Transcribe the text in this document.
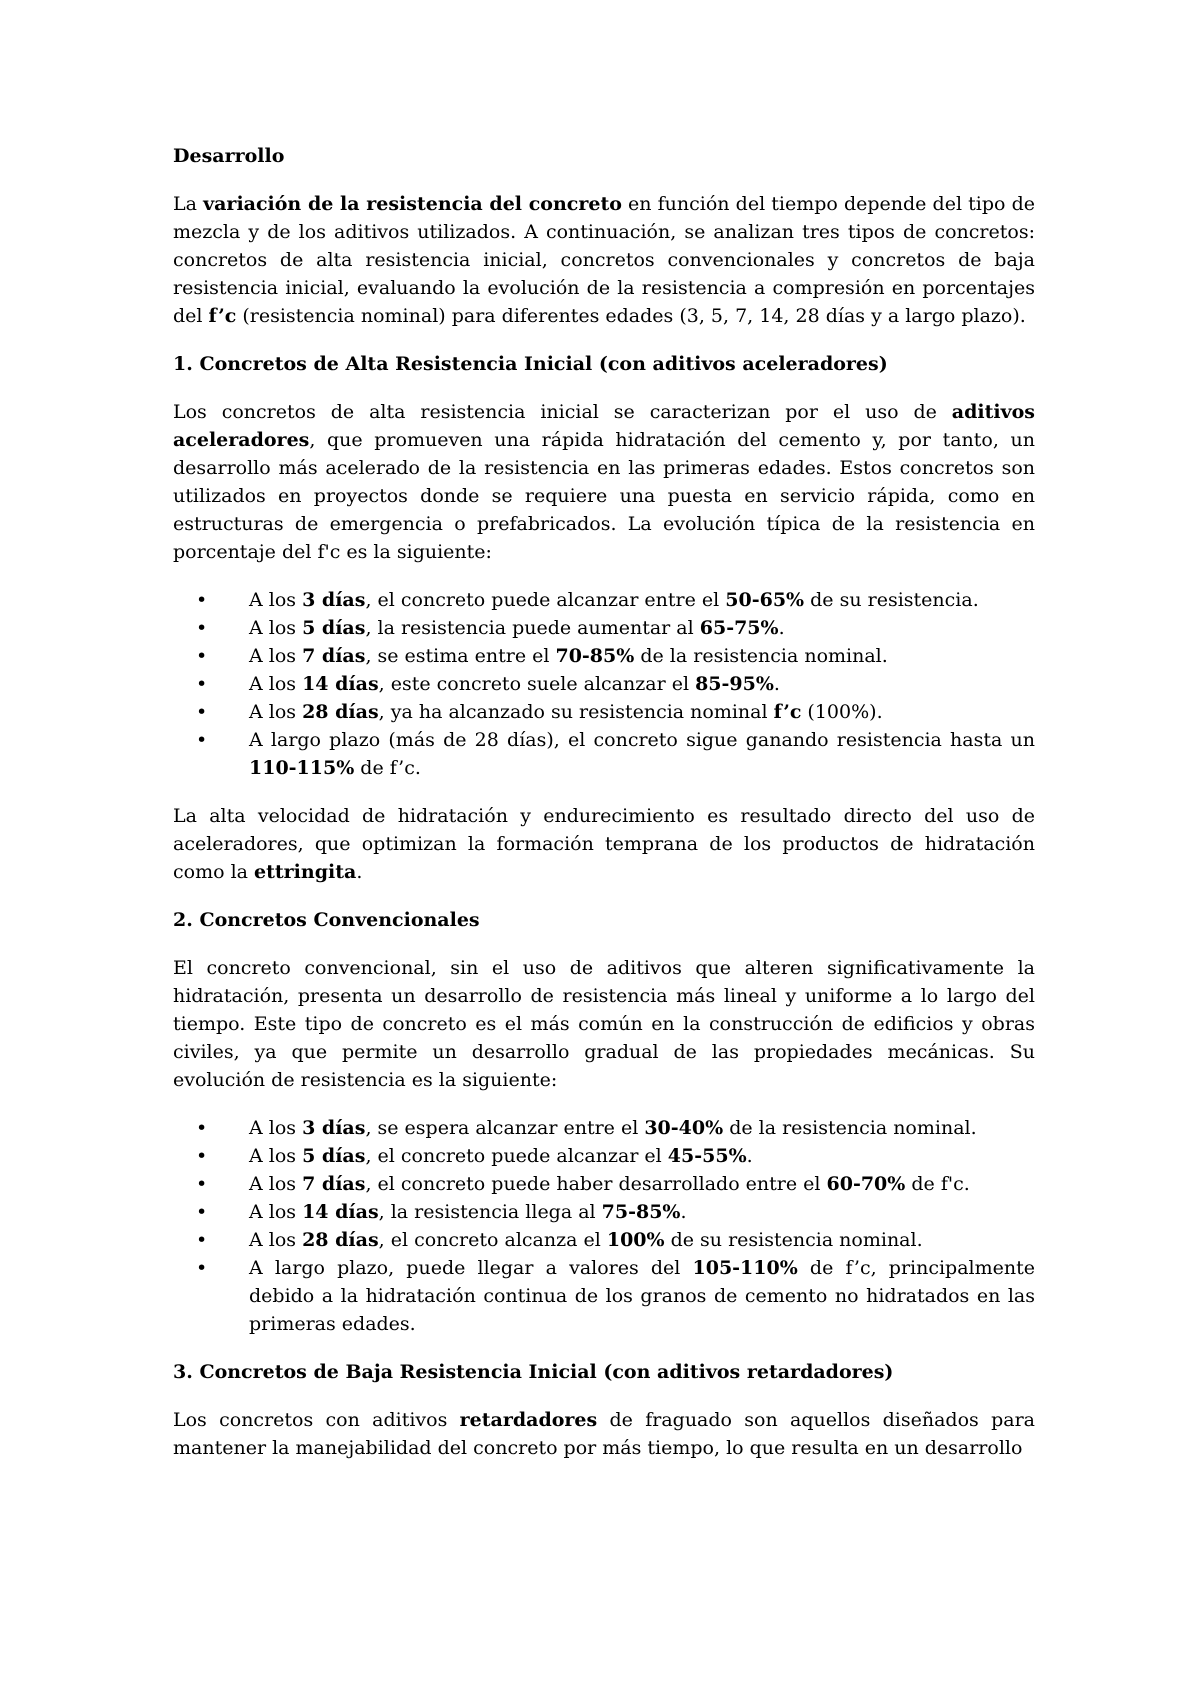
Desarrollo

La variación de la resistencia del concreto en función del tiempo depende del tipo de mezcla y de los aditivos utilizados. A continuación, se analizan tres tipos de concretos: concretos de alta resistencia inicial, concretos convencionales y concretos de baja resistencia inicial, evaluando la evolución de la resistencia a compresión en porcentajes del f’c (resistencia nominal) para diferentes edades (3, 5, 7, 14, 28 días y a largo plazo).

1. Concretos de Alta Resistencia Inicial (con aditivos aceleradores)

Los concretos de alta resistencia inicial se caracterizan por el uso de aditivos aceleradores, que promueven una rápida hidratación del cemento y, por tanto, un desarrollo más acelerado de la resistencia en las primeras edades. Estos concretos son utilizados en proyectos donde se requiere una puesta en servicio rápida, como en estructuras de emergencia o prefabricados. La evolución típica de la resistencia en porcentaje del f'c es la siguiente:

• A los 3 días, el concreto puede alcanzar entre el 50-65% de su resistencia.
• A los 5 días, la resistencia puede aumentar al 65-75%.
• A los 7 días, se estima entre el 70-85% de la resistencia nominal.
• A los 14 días, este concreto suele alcanzar el 85-95%.
• A los 28 días, ya ha alcanzado su resistencia nominal f’c (100%).
• A largo plazo (más de 28 días), el concreto sigue ganando resistencia hasta un 110-115% de f’c.

La alta velocidad de hidratación y endurecimiento es resultado directo del uso de aceleradores, que optimizan la formación temprana de los productos de hidratación como la ettringita.

2. Concretos Convencionales

El concreto convencional, sin el uso de aditivos que alteren significativamente la hidratación, presenta un desarrollo de resistencia más lineal y uniforme a lo largo del tiempo. Este tipo de concreto es el más común en la construcción de edificios y obras civiles, ya que permite un desarrollo gradual de las propiedades mecánicas. Su evolución de resistencia es la siguiente:

• A los 3 días, se espera alcanzar entre el 30-40% de la resistencia nominal.
• A los 5 días, el concreto puede alcanzar el 45-55%.
• A los 7 días, el concreto puede haber desarrollado entre el 60-70% de f'c.
• A los 14 días, la resistencia llega al 75-85%.
• A los 28 días, el concreto alcanza el 100% de su resistencia nominal.
• A largo plazo, puede llegar a valores del 105-110% de f’c, principalmente debido a la hidratación continua de los granos de cemento no hidratados en las primeras edades.

3. Concretos de Baja Resistencia Inicial (con aditivos retardadores)

Los concretos con aditivos retardadores de fraguado son aquellos diseñados para mantener la manejabilidad del concreto por más tiempo, lo que resulta en un desarrollo
